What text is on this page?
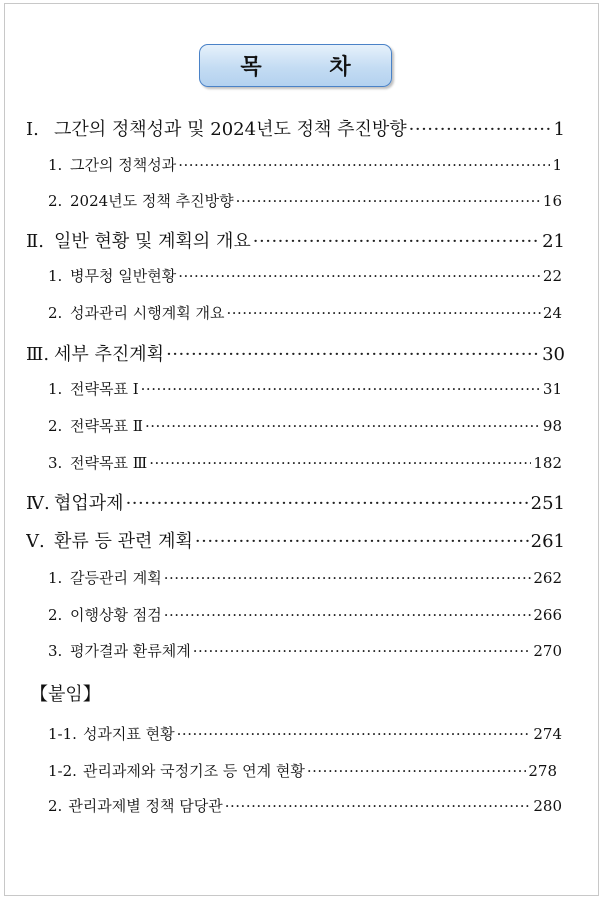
목 차
Ⅰ. 그간의 정책성과 및 2024년도 정책 추진방향 ·····	1
1. 그간의 정책성과 ·····	1
2. 2024년도 정책 추진방향 ·····	16
Ⅱ. 일반 현황 및 계획의 개요 ·····	21
1. 병무청 일반현황 ·····	22
2. 성과관리 시행계획 개요 ·····	24
Ⅲ. 세부 추진계획 ·····	30
1. 전략목표 Ⅰ ·····	31
2. 전략목표 Ⅱ ·····	98
3. 전략목표 Ⅲ ·····	182
Ⅳ. 협업과제 ·····	251
Ⅴ. 환류 등 관련 계획 ·····	261
1. 갈등관리 계획 ·····	262
2. 이행상황 점검 ·····	266
3. 평가결과 환류체계 ·····	270
【붙임】
1-1. 성과지표 현황 ·····	274
1-2. 관리과제와 국정기조 등 연계 현황 ·····	278
2. 관리과제별 정책 담당관 ·····	280
